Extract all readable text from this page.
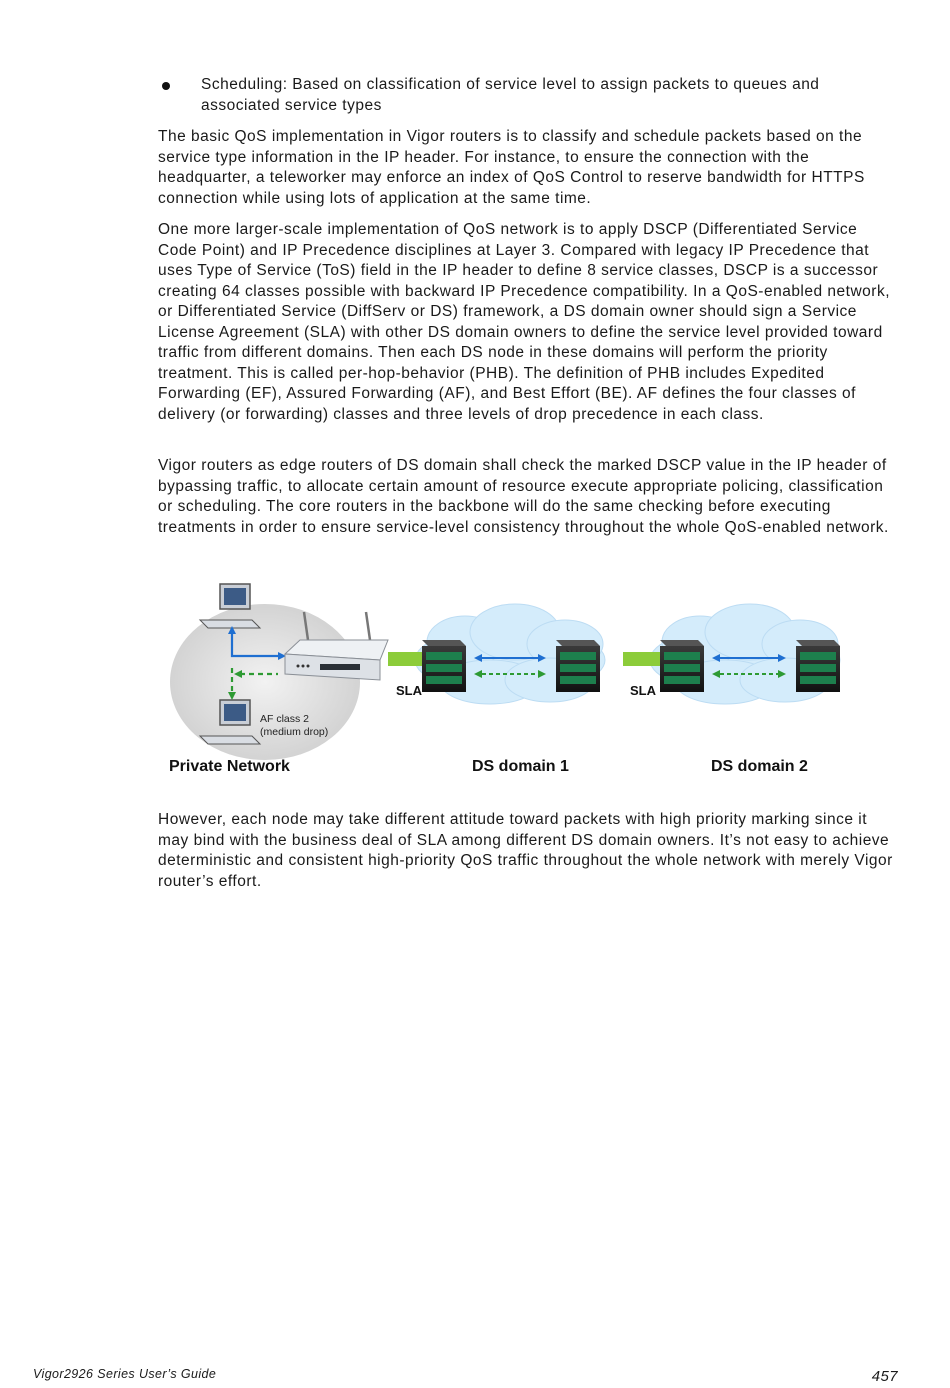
Scheduling: Based on classification of service level to assign packets to queues and associated service types

The basic QoS implementation in Vigor routers is to classify and schedule packets based on the service type information in the IP header. For instance, to ensure the connection with the headquarter, a teleworker may enforce an index of QoS Control to reserve bandwidth for HTTPS connection while using lots of application at the same time.

One more larger-scale implementation of QoS network is to apply DSCP (Differentiated Service Code Point) and IP Precedence disciplines at Layer 3. Compared with legacy IP Precedence that uses Type of Service (ToS) field in the IP header to define 8 service classes, DSCP is a successor creating 64 classes possible with backward IP Precedence compatibility. In a QoS-enabled network, or Differentiated Service (DiffServ or DS) framework, a DS domain owner should sign a Service License Agreement (SLA) with other DS domain owners to define the service level provided toward traffic from different domains. Then each DS node in these domains will perform the priority treatment. This is called per-hop-behavior (PHB). The definition of PHB includes Expedited Forwarding (EF), Assured Forwarding (AF), and Best Effort (BE). AF defines the four classes of delivery (or forwarding) classes and three levels of drop precedence in each class.

Vigor routers as edge routers of DS domain shall check the marked DSCP value in the IP header of bypassing traffic, to allocate certain amount of resource execute appropriate policing, classification or scheduling. The core routers in the backbone will do the same checking before executing treatments in order to ensure service-level consistency throughout the whole QoS-enabled network.

SLA	SLA
AF class 2
(medium drop)
Private Network	DS domain 1	DS domain 2

However, each node may take different attitude toward packets with high priority marking since it may bind with the business deal of SLA among different DS domain owners. It’s not easy to achieve deterministic and consistent high-priority QoS traffic throughout the whole network with merely Vigor router’s effort.

Vigor2926 Series User’s Guide	457
